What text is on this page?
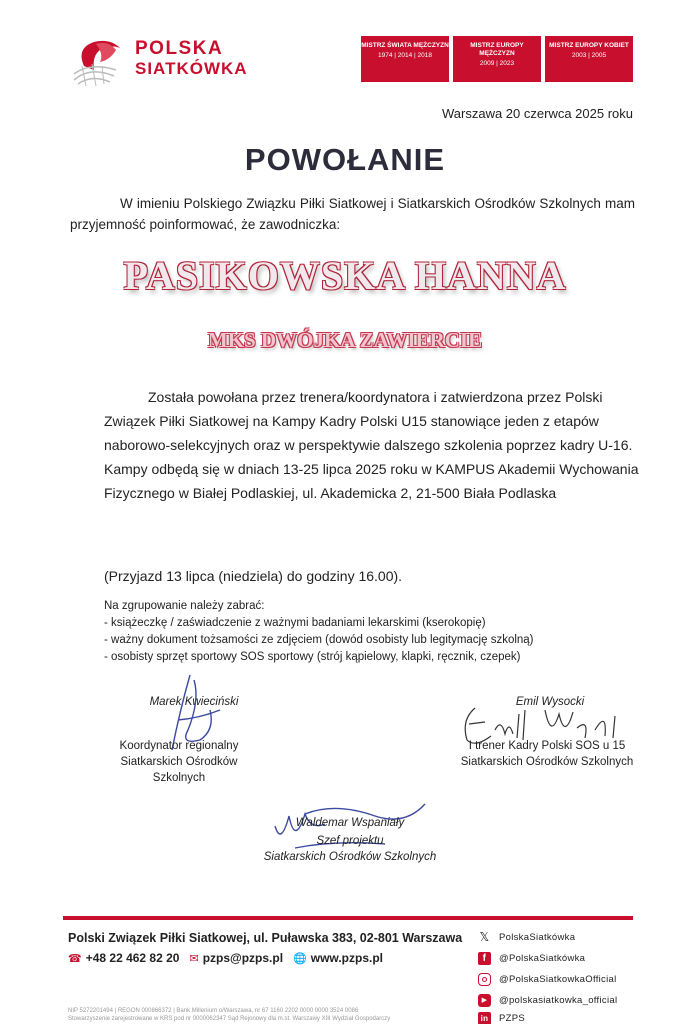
POLSKA
SIATKÓWKA
MISTRZ ŚWIATA MĘŻCZYZN
1974 | 2014 | 2018
MISTRZ EUROPY MĘŻCZYZN
2009 | 2023
MISTRZ EUROPY KOBIET
2003 | 2005
Warszawa 20 czerwca 2025 roku
POWOŁANIE
W imieniu Polskiego Związku Piłki Siatkowej i Siatkarskich Ośrodków Szkolnych mam przyjemność poinformować, że zawodniczka:
PASIKOWSKA HANNA
MKS DWÓJKA ZAWIERCIE
Została powołana przez trenera/koordynatora i zatwierdzona przez Polski Związek Piłki Siatkowej na Kampy Kadry Polski U15 stanowiące jeden z etapów naborowo-selekcyjnych oraz w perspektywie dalszego szkolenia poprzez kadry U-16.
Kampy odbędą się w dniach 13-25 lipca 2025 roku w KAMPUS Akademii Wychowania Fizycznego w Białej Podlaskiej, ul. Akademicka 2, 21-500 Biała Podlaska
(Przyjazd 13 lipca (niedziela) do godziny 16.00).
Na zgrupowanie należy zabrać:
- książeczkę / zaświadczenie z ważnymi badaniami lekarskimi (kserokopię)
- ważny dokument tożsamości ze zdjęciem (dowód osobisty lub legitymację szkolną)
- osobisty sprzęt sportowy SOS sportowy (strój kąpielowy, klapki, ręcznik, czepek)
Marek Kwieciński
Koordynator regionalny
Siatkarskich Ośrodków Szkolnych
Emil Wysocki
I trener Kadry Polski SOS u 15
Siatkarskich Ośrodków Szkolnych
Waldemar Wspaniały
Szef projektu
Siatkarskich Ośrodków Szkolnych
Polski Związek Piłki Siatkowej, ul. Puławska 383, 02-801 Warszawa
☎ +48 22 462 82 20 ✉ pzps@pzps.pl 🌐 www.pzps.pl
NIP 5272201494 | REGON 000866372 | Bank Millenium o/Warszawa, nr 67 1160 2202 0000 0000 3524 0086
Stowarzyszenie zarejestrowane w KRS pod nr 0000062347 Sąd Rejonowy dla m.st. Warszawy XIII Wydział Gospodarczy
𝕏 PolskaSiatkówka
f	@PolskaSiatkówka
@PolskaSiatkowkaOfficial
▶	@polskasiatkowka_official
in PZPS
